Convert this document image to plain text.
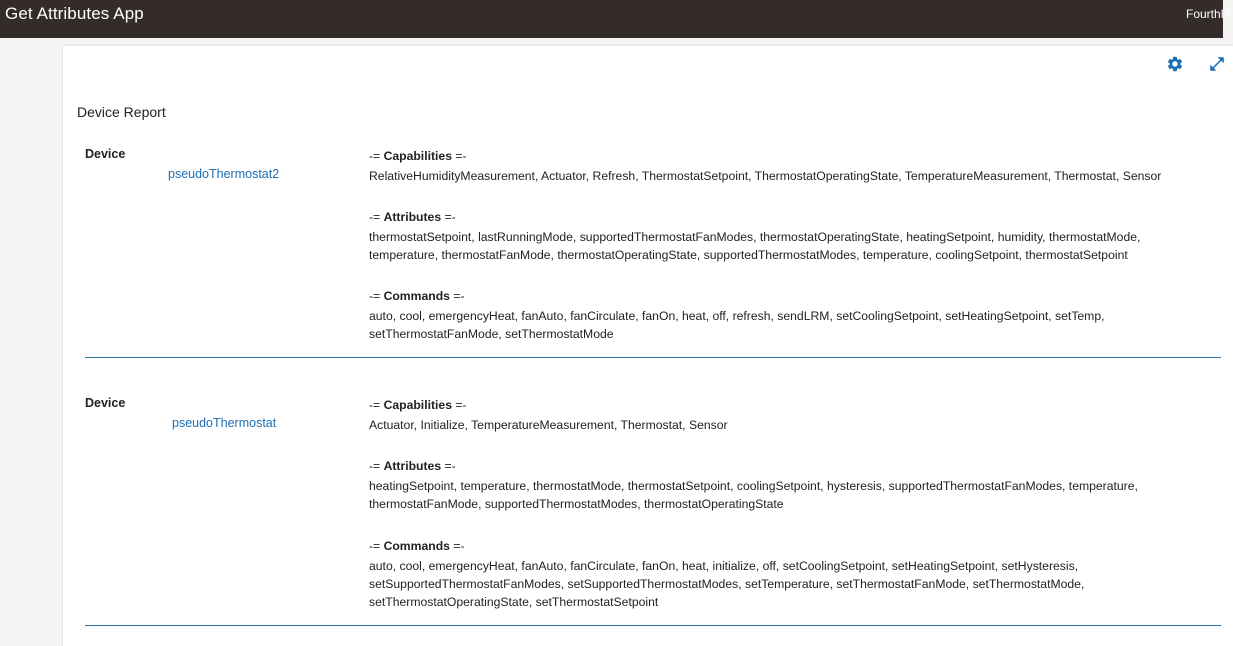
Get Attributes App	FourthH
Device Report
Device
pseudoThermostat2
-= Capabilities =-
RelativeHumidityMeasurement, Actuator, Refresh, ThermostatSetpoint, ThermostatOperatingState, TemperatureMeasurement, Thermostat, Sensor
-= Attributes =-
thermostatSetpoint, lastRunningMode, supportedThermostatFanModes, thermostatOperatingState, heatingSetpoint, humidity, thermostatMode,
temperature, thermostatFanMode, thermostatOperatingState, supportedThermostatModes, temperature, coolingSetpoint, thermostatSetpoint
-= Commands =-
auto, cool, emergencyHeat, fanAuto, fanCirculate, fanOn, heat, off, refresh, sendLRM, setCoolingSetpoint, setHeatingSetpoint, setTemp,
setThermostatFanMode, setThermostatMode
Device
pseudoThermostat
-= Capabilities =-
Actuator, Initialize, TemperatureMeasurement, Thermostat, Sensor
-= Attributes =-
heatingSetpoint, temperature, thermostatMode, thermostatSetpoint, coolingSetpoint, hysteresis, supportedThermostatFanModes, temperature,
thermostatFanMode, supportedThermostatModes, thermostatOperatingState
-= Commands =-
auto, cool, emergencyHeat, fanAuto, fanCirculate, fanOn, heat, initialize, off, setCoolingSetpoint, setHeatingSetpoint, setHysteresis,
setSupportedThermostatFanModes, setSupportedThermostatModes, setTemperature, setThermostatFanMode, setThermostatMode,
setThermostatOperatingState, setThermostatSetpoint
